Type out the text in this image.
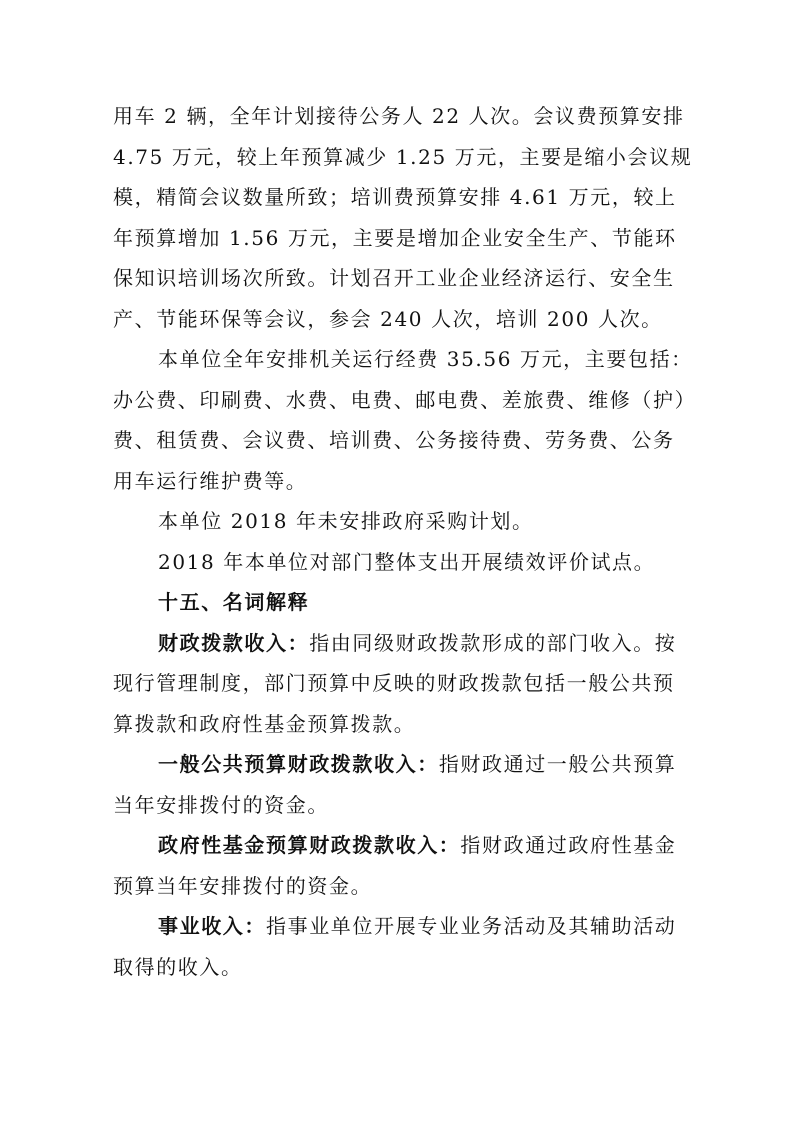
用车 2 辆，全年计划接待公务人 22 人次。会议费预算安排
4.75 万元，较上年预算减少 1.25 万元，主要是缩小会议规
模，精简会议数量所致；培训费预算安排 4.61 万元，较上
年预算增加 1.56 万元，主要是增加企业安全生产、节能环
保知识培训场次所致。计划召开工业企业经济运行、安全生
产、节能环保等会议，参会 240 人次，培训 200 人次。
本单位全年安排机关运行经费 35.56 万元，主要包括：
办公费、印刷费、水费、电费、邮电费、差旅费、维修（护）
费、租赁费、会议费、培训费、公务接待费、劳务费、公务
用车运行维护费等。
本单位 2018 年未安排政府采购计划。
2018 年本单位对部门整体支出开展绩效评价试点。
十五、名词解释
财政拨款收入：指由同级财政拨款形成的部门收入。按
现行管理制度，部门预算中反映的财政拨款包括一般公共预
算拨款和政府性基金预算拨款。
一般公共预算财政拨款收入：指财政通过一般公共预算
当年安排拨付的资金。
政府性基金预算财政拨款收入：指财政通过政府性基金
预算当年安排拨付的资金。
事业收入：指事业单位开展专业业务活动及其辅助活动
取得的收入。
